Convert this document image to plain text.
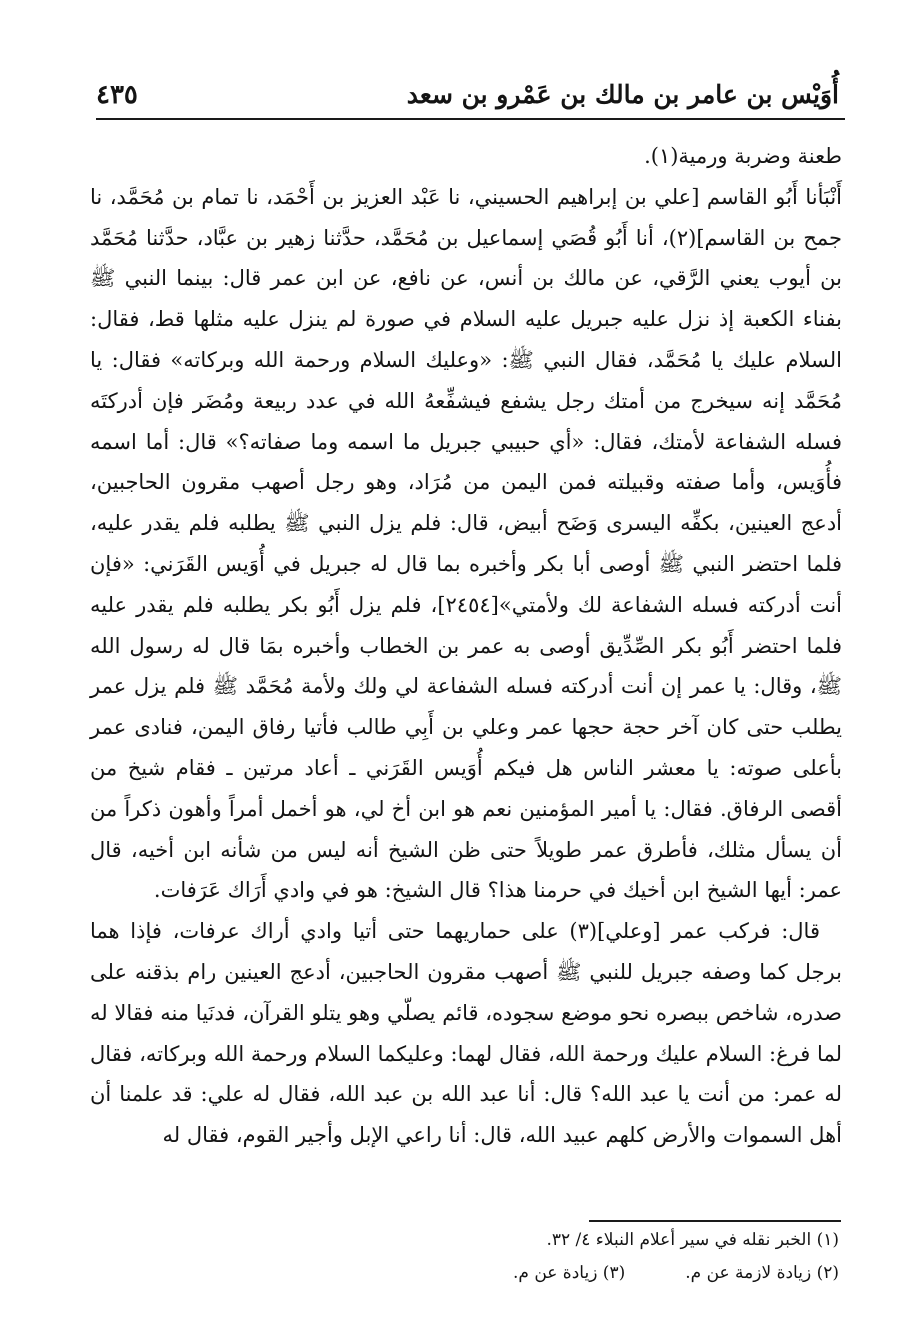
أُوَيْس بن عامر بن مالك بن عَمْرو بن سعد
٤٣٥

طعنة وضربة ورمية(١).

أَنْبَأنا أَبُو القاسم [علي بن إبراهيم الحسيني، نا عَبْد العزيز بن أَحْمَد، نا تمام بن مُحَمَّد، نا جمح بن القاسم](٢)، أنا أَبُو قُصَي إسماعيل بن مُحَمَّد، حدَّثنا زهير بن عبَّاد، حدَّثنا مُحَمَّد بن أيوب يعني الرَّقي، عن مالك بن أنس، عن نافع، عن ابن عمر قال: بينما النبي ﷺ بفناء الكعبة إذ نزل عليه جبريل عليه السلام في صورة لم ينزل عليه مثلها قط، فقال: السلام عليك يا مُحَمَّد، فقال النبي ﷺ: «وعليك السلام ورحمة الله وبركاته» فقال: يا مُحَمَّد إنه سيخرج من أمتك رجل يشفع فيشفِّعهُ الله في عدد ربيعة ومُضَر فإن أدركتَه فسله الشفاعة لأمتك، فقال: «أي حبيبي جبريل ما اسمه وما صفاته؟» قال: أما اسمه فأُوَيس، وأما صفته وقبيلته فمن اليمن من مُرَاد، وهو رجل أصهب مقرون الحاجبين، أدعج العينين، بكفِّه اليسرى وَضَح أبيض، قال: فلم يزل النبي ﷺ يطلبه فلم يقدر عليه، فلما احتضر النبي ﷺ أوصى أبا بكر وأخبره بما قال له جبريل في أُوَيس القَرَني: «فإن أنت أدركته فسله الشفاعة لك ولأمتي»[٢٤٥٤]، فلم يزل أَبُو بكر يطلبه فلم يقدر عليه فلما احتضر أَبُو بكر الصِّدِّيق أوصى به عمر بن الخطاب وأخبره بمَا قال له رسول الله ﷺ، وقال: يا عمر إن أنت أدركته فسله الشفاعة لي ولك ولأمة مُحَمَّد ﷺ فلم يزل عمر يطلب حتى كان آخر حجة حجها عمر وعلي بن أَبِي طالب فأتيا رفاق اليمن، فنادى عمر بأعلى صوته: يا معشر الناس هل فيكم أُوَيس القَرَني ـ أعاد مرتين ـ فقام شيخ من أقصى الرفاق. فقال: يا أمير المؤمنين نعم هو ابن أخ لي، هو أخمل أمراً وأهون ذكراً من أن يسأل مثلك، فأطرق عمر طويلاً حتى ظن الشيخ أنه ليس من شأنه ابن أخيه، قال عمر: أيها الشيخ ابن أخيك في حرمنا هذا؟ قال الشيخ: هو في وادي أَرَاك عَرَفات.

قال: فركب عمر [وعلي](٣) على حماريهما حتى أتيا وادي أراك عرفات، فإذا هما برجل كما وصفه جبريل للنبي ﷺ أصهب مقرون الحاجبين، أدعج العينين رام بذقنه على صدره، شاخص ببصره نحو موضع سجوده، قائم يصلّي وهو يتلو القرآن، فدنَيا منه فقالا له لما فرغ: السلام عليك ورحمة الله، فقال لهما: وعليكما السلام ورحمة الله وبركاته، فقال له عمر: من أنت يا عبد الله؟ قال: أنا عبد الله بن عبد الله، فقال له علي: قد علمنا أن أهل السموات والأرض كلهم عبيد الله، قال: أنا راعي الإبل وأجير القوم، فقال له

(١) الخبر نقله في سير أعلام النبلاء ٤/ ٣٢.
(٢) زيادة لازمة عن م.(٣) زيادة عن م.
